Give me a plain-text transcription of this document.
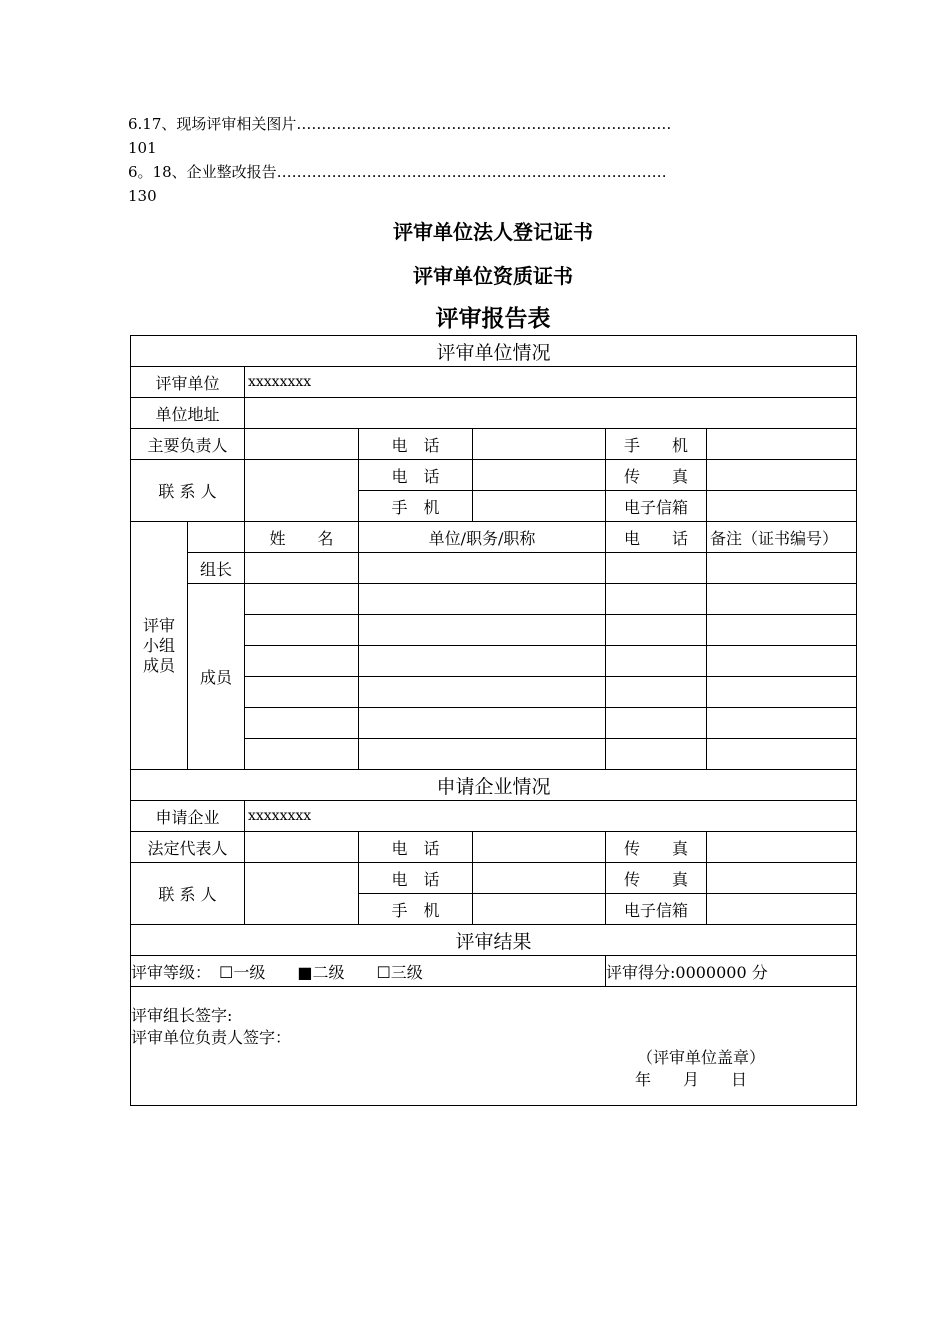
6.17、现场评审相关图片…………………………………………………………………
101
6。18、企业整改报告……………………………………………………………………
130
评审单位法人登记证书
评审单位资质证书
评审报告表
评审单位情况						
评审单位		xxxxxxxx				
单位地址						
主要负责人			电　话		手　　机	
联 系 人			电　话		传　　真	
			手　机		电子信箱	
评审小组成员		姓　　名	单位/职务/职称		电　　话	备注（证书编号）
	组长					
	成员					

申请企业情况						
申请企业		xxxxxxxx				
法定代表人			电　话		传　　真	
联 系 人			电　话		传　　真	
			手　机		电子信箱	
评审结果						
评审等级：　☐一级　　■二级　　☐三级					评审得分:0000000 分	

评审组长签字:
评审单位负责人签字：
（评审单位盖章）
年　　月　　日						
